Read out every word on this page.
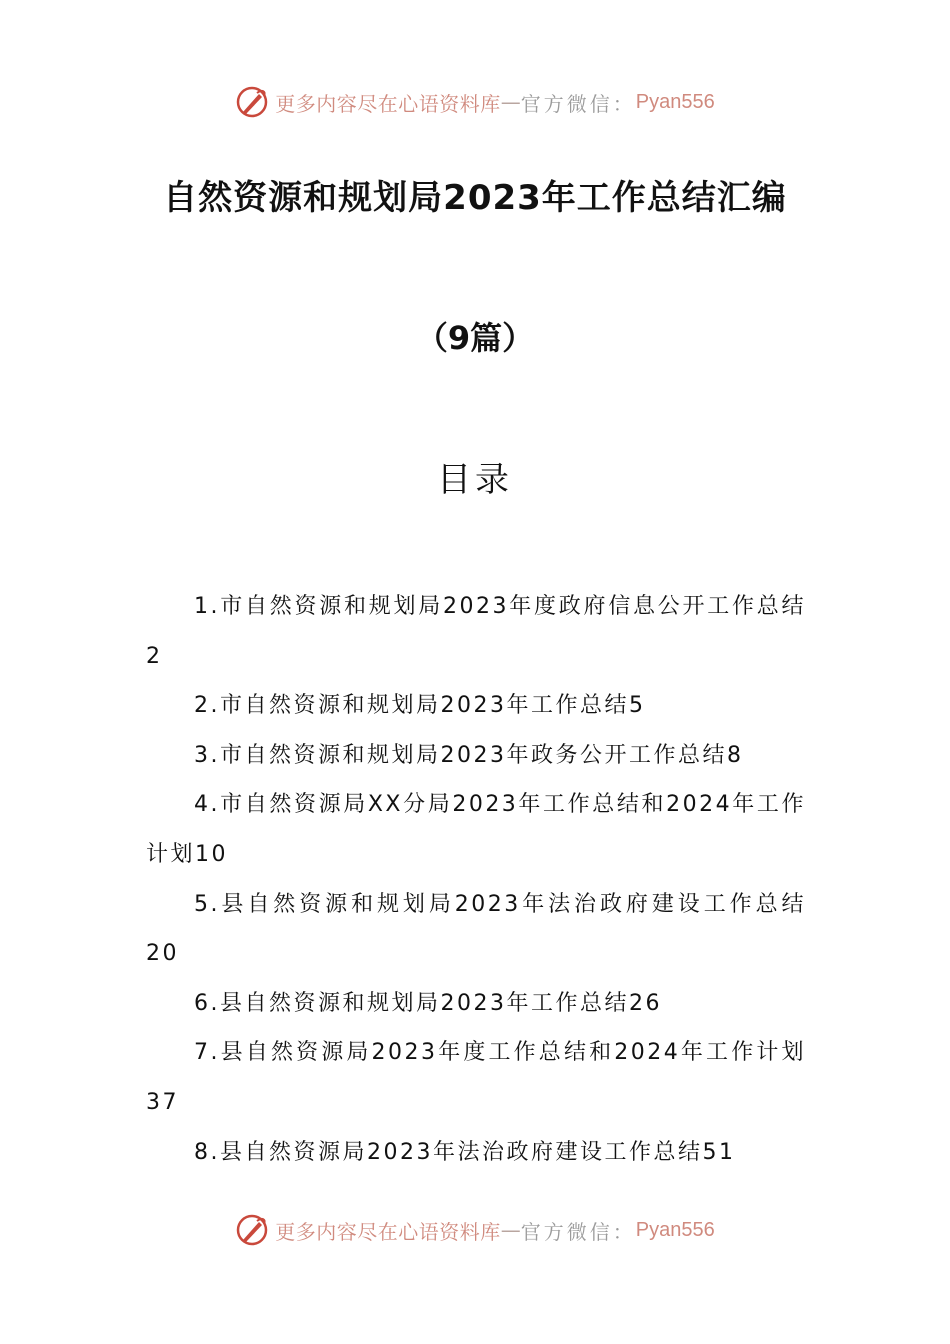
更多内容尽在心语资料库 — 官方微信： Pyan556
自然资源和规划局2023年工作总结汇编
（9篇）
目录
1.市自然资源和规划局2023年度政府信息公开工作总结2
2.市自然资源和规划局2023年工作总结5
3.市自然资源和规划局2023年政务公开工作总结8
4.市自然资源局XX分局2023年工作总结和2024年工作计划10
5.县自然资源和规划局2023年法治政府建设工作总结20
6.县自然资源和规划局2023年工作总结26
7.县自然资源局2023年度工作总结和2024年工作计划37
8.县自然资源局2023年法治政府建设工作总结51
更多内容尽在心语资料库 — 官方微信： Pyan556
